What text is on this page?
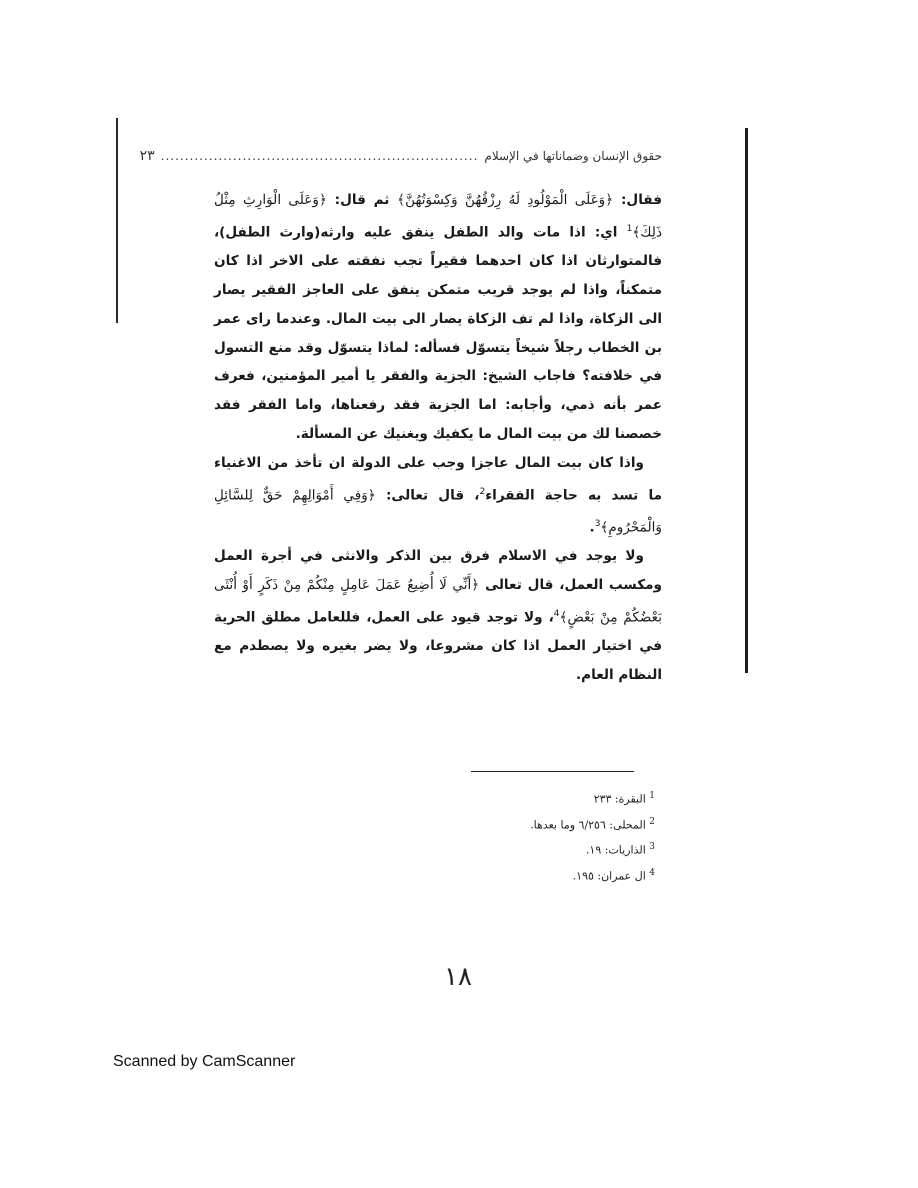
حقوق الإنسان وضماناتها في الإسلام
..................................................................
٢٣

فقال: ﴿وَعَلَى الْمَوْلُودِ لَهُ رِزْقُهُنَّ وَكِسْوَتُهُنَّ﴾ ثم قال: ﴿وَعَلَى الْوَارِثِ مِثْلُ ذَلِكَ﴾$^1$ اي: اذا مات والد الطفل ينفق عليه وارثه(وارث الطفل)، فالمتوارثان اذا كان احدهما فقيراً تجب نفقته على الاخر اذا كان متمكناً، واذا لم يوجد قريب متمكن ينفق على العاجز الفقير يصار الى الزكاة، واذا لم تف الزكاة يصار الى بيت المال. وعندما راى عمر بن الخطاب رجلاً شيخاً يتسوّل فسأله: لماذا يتسوّل وقد منع التسول في خلافته؟ فاجاب الشيخ: الجزية والفقر يا أمير المؤمنين، فعرف عمر بأنه ذمي، وأجابه: اما الجزية فقد رفعناها، واما الفقر فقد خصصنا لك من بيت المال ما يكفيك ويغنيك عن المسألة.

واذا كان بيت المال عاجزا وجب على الدولة ان تأخذ من الاغنياء ما تسد به حاجة الفقراء$^2$، قال تعالى: ﴿وَفِي أَمْوَالِهِمْ حَقٌّ لِلسَّائِلِ وَالْمَحْرُومِ﴾$^3$.

ولا يوجد في الاسلام فرق بين الذكر والانثى في أجرة العمل ومكسب العمل، قال تعالى ﴿أَنِّي لَا أُضِيعُ عَمَلَ عَامِلٍ مِنْكُمْ مِنْ ذَكَرٍ أَوْ أُنْثَى بَعْضُكُمْ مِنْ بَعْضٍ﴾$^4$، ولا توجد قيود على العمل، فللعامل مطلق الحرية في اختيار العمل اذا كان مشروعا، ولا يضر بغيره ولا يصطدم مع النظام العام.

$^1$ البقرة: ٢٣٣
$^2$ المحلى: ٦/٢٥٦ وما بعدها.
$^3$ الذاريات: ١٩.
$^4$ ال عمران: ١٩٥.
١٨
Scanned by CamScanner
